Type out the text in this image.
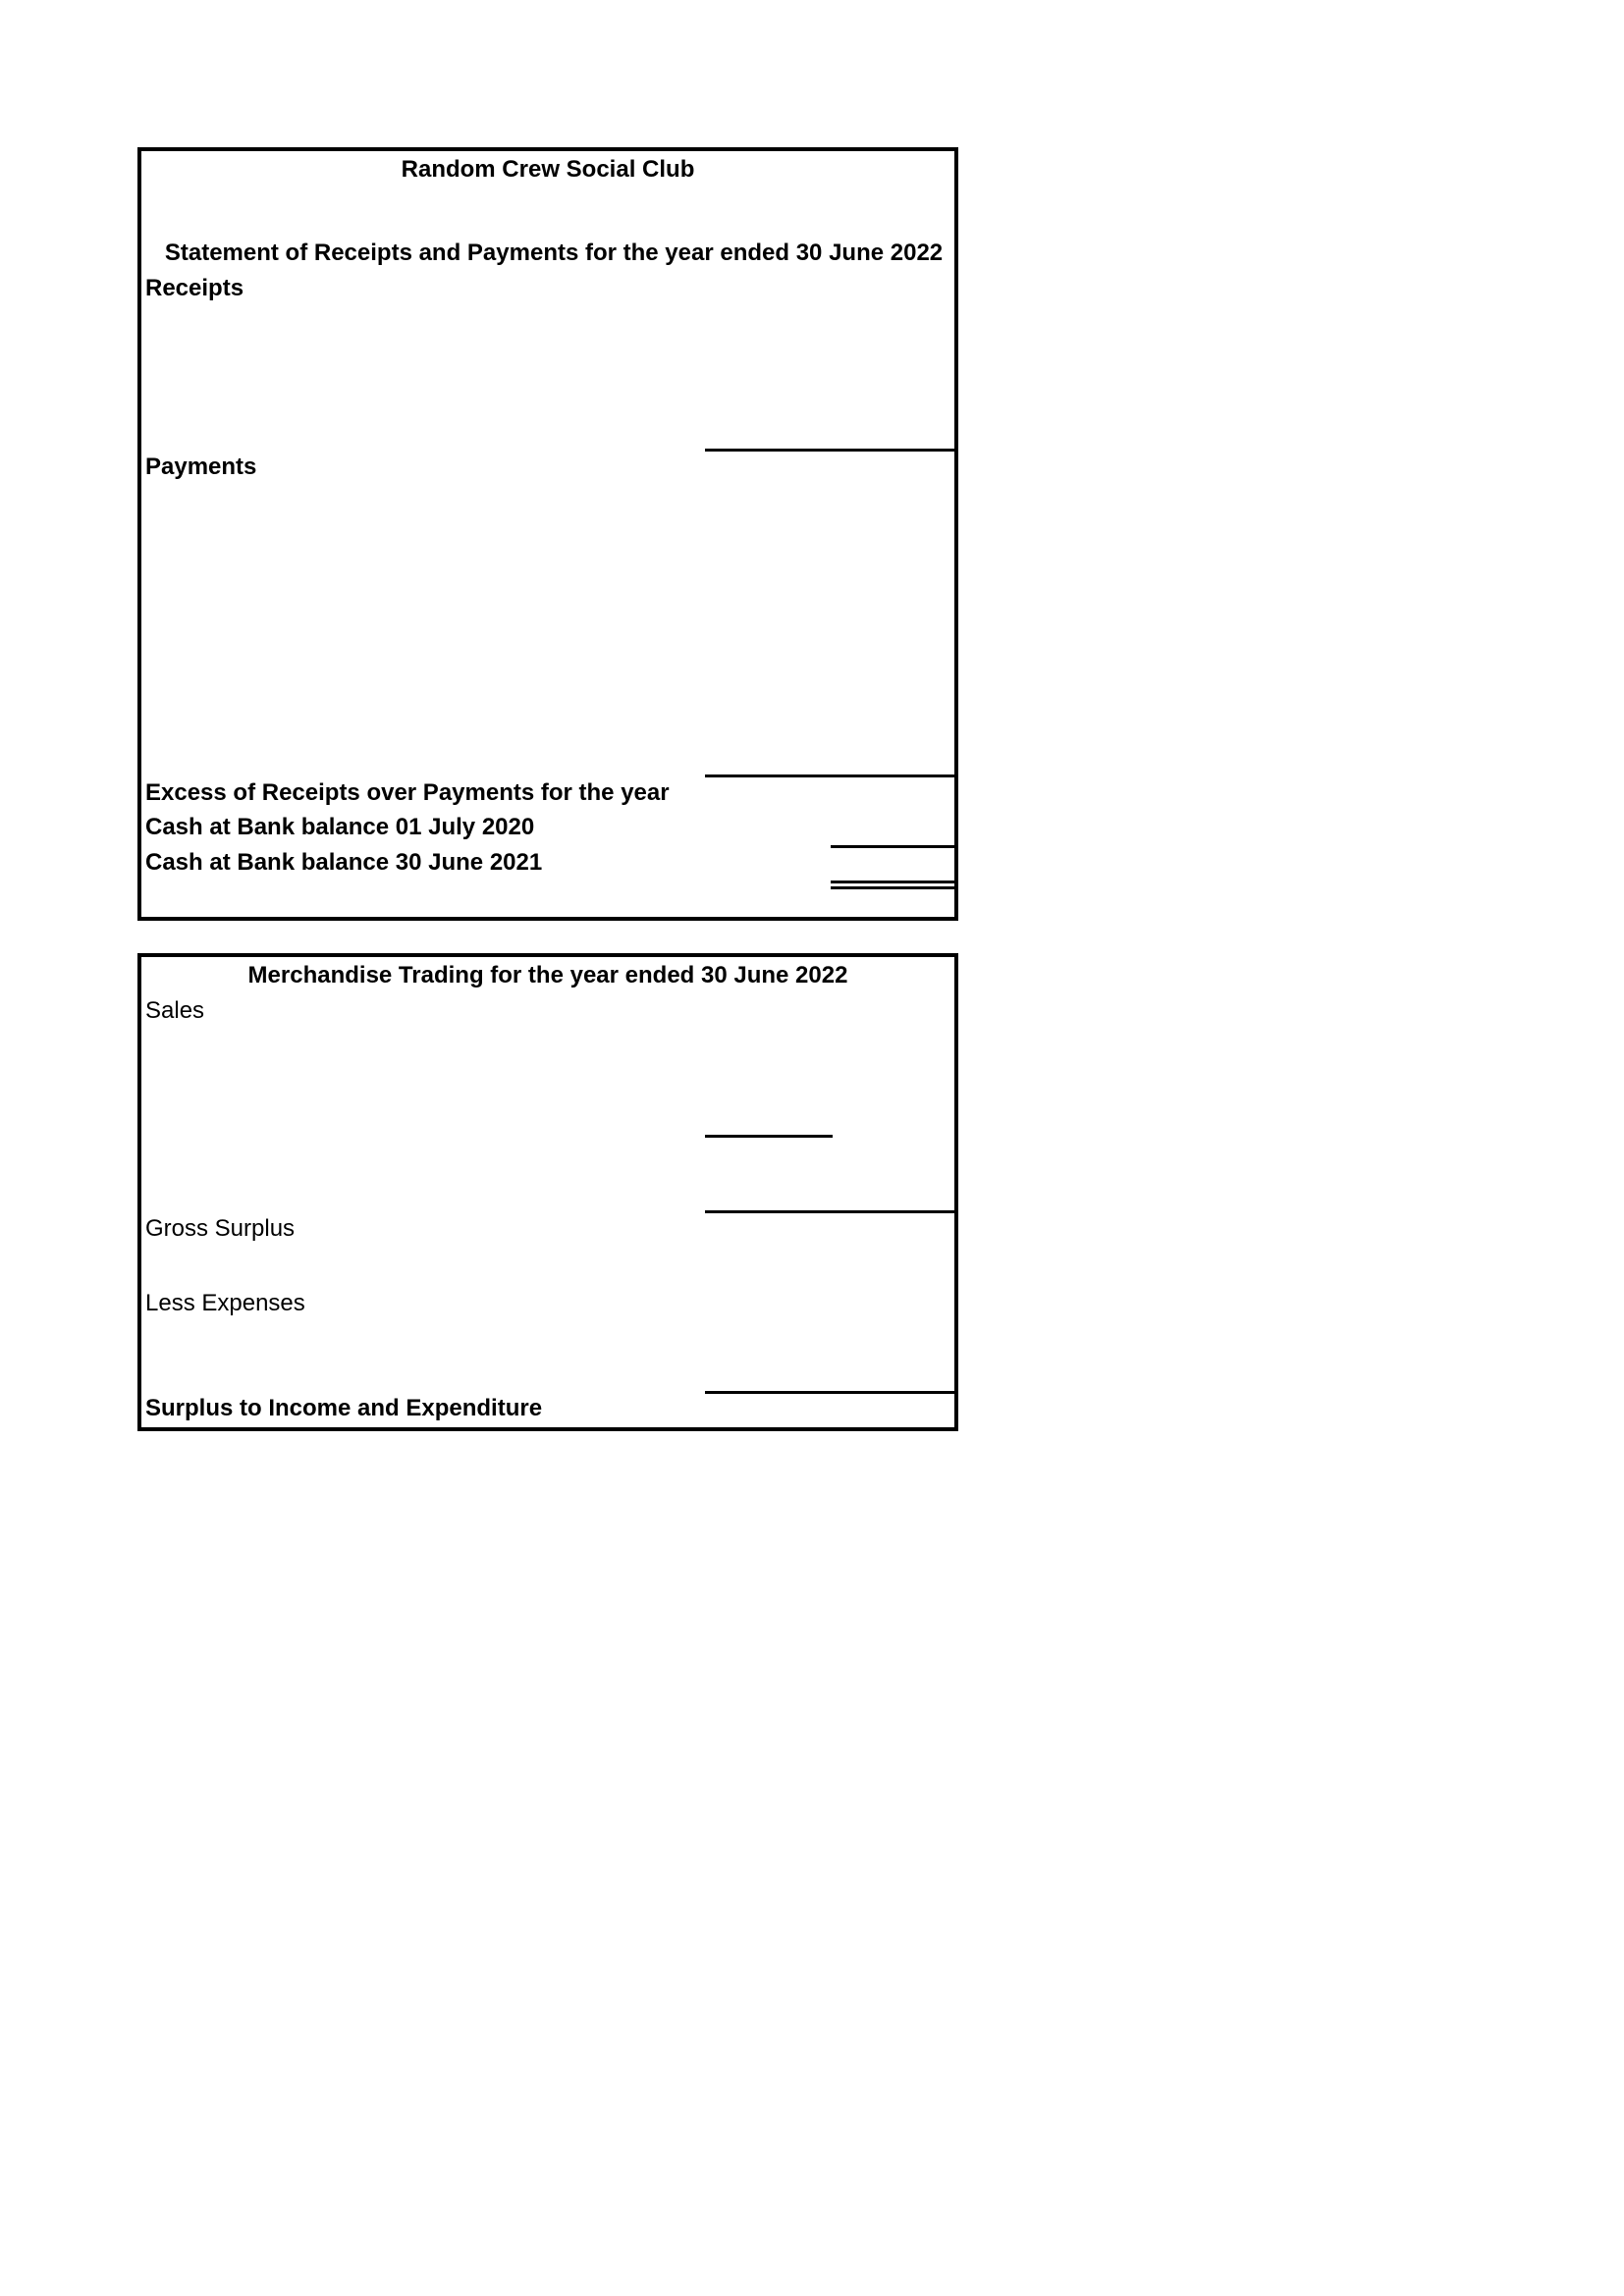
Random Crew Social Club
Statement of Receipts and Payments for the year ended 30 June 2022
Receipts
Payments
Excess of Receipts over Payments for the year
Cash at Bank balance 01 July 2020
Cash at Bank balance 30 June 2021
Merchandise Trading for the year ended 30 June 2022
Sales
Gross Surplus
Less Expenses
Surplus to Income and Expenditure
